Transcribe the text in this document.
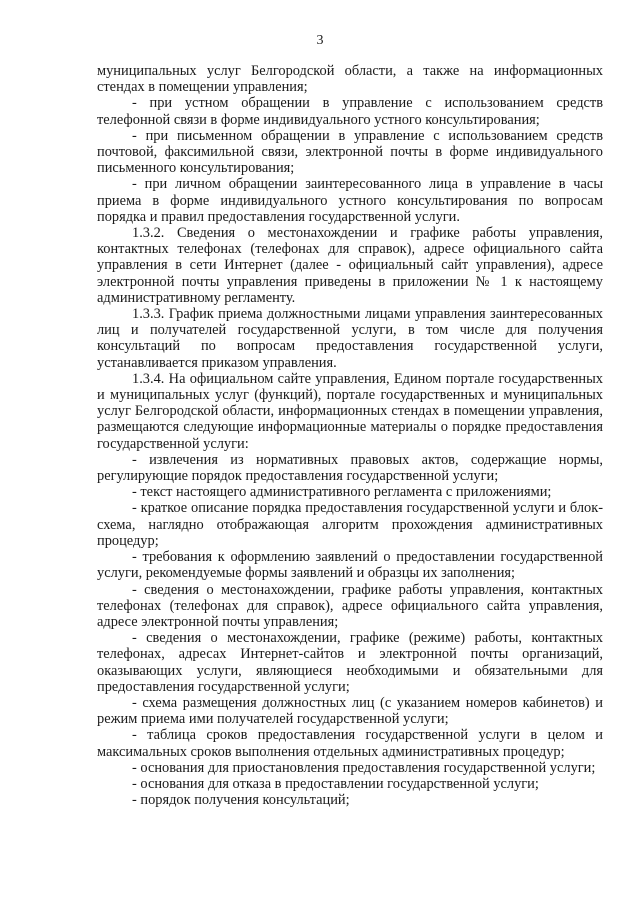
3

муниципальных услуг Белгородской области, а также на информационных стендах в помещении управления;

- при устном обращении в управление с использованием средств телефонной связи в форме индивидуального устного консультирования;

- при письменном обращении в управление с использованием средств почтовой, факсимильной связи, электронной почты в форме индивидуального письменного консультирования;

- при личном обращении заинтересованного лица в управление в часы приема в форме индивидуального устного консультирования по вопросам порядка и правил предоставления государственной услуги.

1.3.2. Сведения о местонахождении и графике работы управления, контактных телефонах (телефонах для справок), адресе официального сайта управления в сети Интернет (далее - официальный сайт управления), адресе электронной почты управления приведены в приложении № 1 к настоящему административному регламенту.

1.3.3. График приема должностными лицами управления заинтересованных лиц и получателей государственной услуги, в том числе для получения консультаций по вопросам предоставления государственной услуги, устанавливается приказом управления.

1.3.4. На официальном сайте управления, Едином портале государственных и муниципальных услуг (функций), портале государственных и муниципальных услуг Белгородской области, информационных стендах в помещении управления, размещаются следующие информационные материалы о порядке предоставления государственной услуги:

- извлечения из нормативных правовых актов, содержащие нормы, регулирующие порядок предоставления государственной услуги;

- текст настоящего административного регламента с приложениями;

- краткое описание порядка предоставления государственной услуги и блок-схема, наглядно отображающая алгоритм прохождения административных процедур;

- требования к оформлению заявлений о предоставлении государственной услуги, рекомендуемые формы заявлений и образцы их заполнения;

- сведения о местонахождении, графике работы управления, контактных телефонах (телефонах для справок), адресе официального сайта управления, адресе электронной почты управления;

- сведения о местонахождении, графике (режиме) работы, контактных телефонах, адресах Интернет-сайтов и электронной почты организаций, оказывающих услуги, являющиеся необходимыми и обязательными для предоставления государственной услуги;

- схема размещения должностных лиц (с указанием номеров кабинетов) и режим приема ими получателей государственной услуги;

- таблица сроков предоставления государственной услуги в целом и максимальных сроков выполнения отдельных административных процедур;

- основания для приостановления предоставления государственной услуги;

- основания для отказа в предоставлении государственной услуги;

- порядок получения консультаций;
